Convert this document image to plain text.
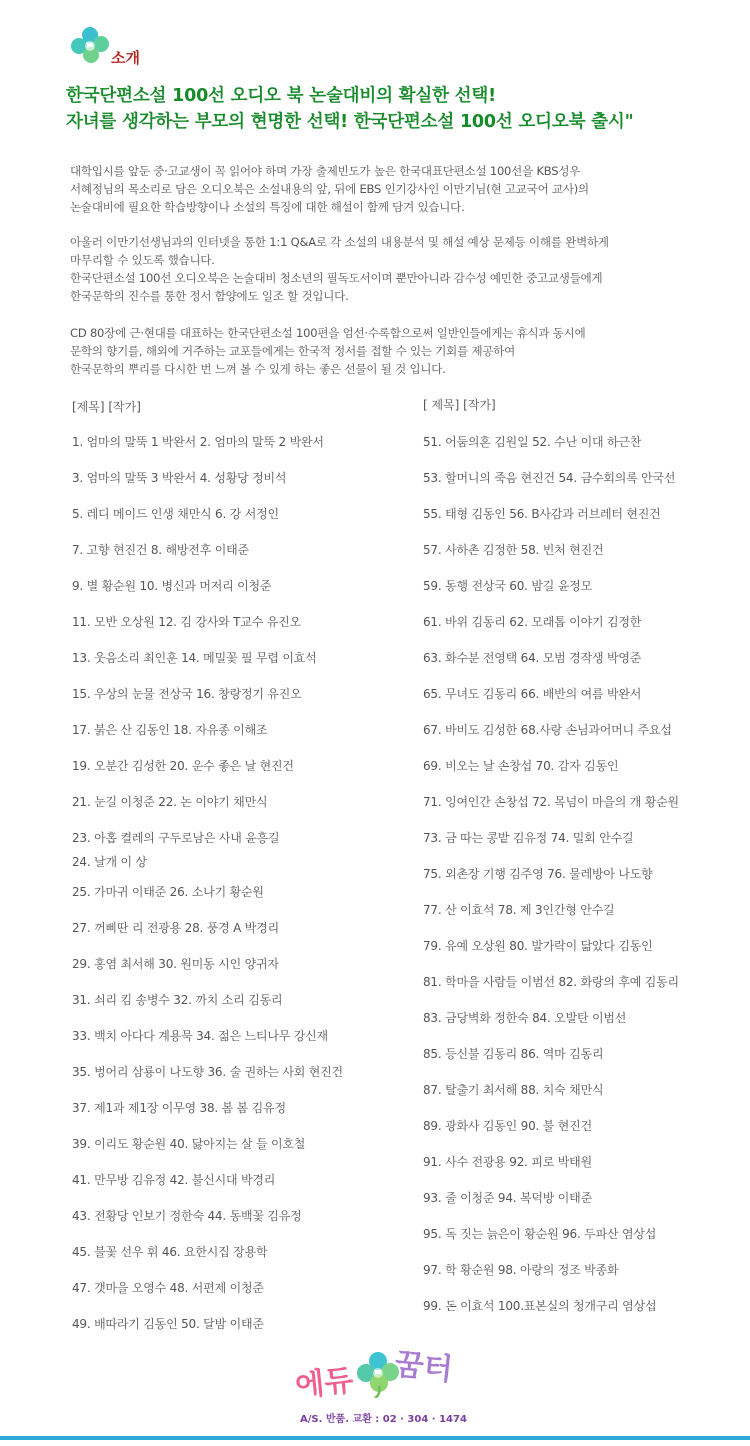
소개
한국단편소설 100선 오디오 북 논술대비의 확실한 선택!
자녀를 생각하는 부모의 현명한 선택! 한국단편소설 100선 오디오북 출시"
대학입시를 앞둔 중·고교생이 꼭 읽어야 하며 가장 출제빈도가 높은 한국대표단편소설 100선을 KBS성우
서혜정님의 목소리로 담은 오디오북은 소설내용의 앞, 뒤에 EBS 인기강사인 이만기님(현 고교국어 교사)의
논술대비에 필요한 학습방향이나 소설의 특징에 대한 해설이 함께 담겨 있습니다.
아울러 이만기선생님과의 인터넷을 통한 1:1 Q&A로 각 소설의 내용분석 및 해설 예상 문제등 이해를 완벽하게
마무리할 수 있도록 했습니다.
한국단편소설 100선 오디오북은 논술대비 청소년의 필독도서이며 뿐만아니라 감수성 예민한 중고교생들에게
한국문학의 진수를 통한 정서 함양에도 일조 할 것입니다.
CD 80장에 근·현대를 대표하는 한국단편소설 100편을 엄선·수록함으로써 일반인들에게는 휴식과 동시에
문학의 향기를, 해외에 거주하는 교포들에게는 한국적 정서를 접할 수 있는 기회를 제공하여
한국문학의 뿌리를 다시한 번 느껴 볼 수 있게 하는 좋은 선물이 될 것 입니다.
[제목] [작가]	[ 제목] [작가]
1. 엄마의 말뚝 1 박완서 2. 엄마의 말뚝 2 박완서
3. 엄마의 말뚝 3 박완서 4. 성황당 정비석
5. 레디 메이드 인생 채만식 6. 강 서정인
7. 고향 현진건 8. 해방전후 이태준
9. 별 황순원 10. 병신과 머저리 이청준
11. 모반 오상원 12. 김 강사와 T교수 유진오
13. 웃음소리 최인훈 14. 메밀꽃 필 무렵 이효석
15. 우상의 눈물 전상국 16. 창랑정기 유진오
17. 붉은 산 김동인 18. 자유종 이해조
19. 오분간 김성한 20. 운수 좋은 날 현진건
21. 눈길 이청준 22. 논 이야기 채만식
23. 아홉 켤레의 구두로남은 사내 윤흥길
24. 날개 이 상
25. 가마귀 이태준 26. 소나기 황순원
27. 꺼삐딴 리 전광용 28. 풍경 A 박경리
29. 홍염 최서해 30. 원미동 시인 양귀자
31. 쇠리 킴 송병수 32. 까치 소리 김동리
33. 백치 아다다 계용묵 34. 젊은 느티나무 강신재
35. 벙어리 삼룡이 나도향 36. 술 권하는 사회 현진건
37. 제1과 제1장 이무영 38. 봄 봄 김유정
39. 이리도 황순원 40. 닳아지는 살 들 이호철
41. 만무방 김유정 42. 불신시대 박경리
43. 전황당 인보기 정한숙 44. 동백꽃 김유정
45. 불꽃 선우 휘 46. 요한시집 장용학
47. 갯마을 오영수 48. 서편제 이청준
49. 배따라기 김동인 50. 달밤 이태준
51. 어둠의혼 김원일 52. 수난 이대 하근찬
53. 할머니의 죽음 현진건 54. 금수회의록 안국선
55. 태형 김동인 56. B사감과 러브레터 현진건
57. 사하촌 김정한 58. 빈처 현진건
59. 동행 전상국 60. 밤길 윤정모
61. 바위 김동리 62. 모래톱 이야기 김정한
63. 화수분 전영택 64. 모범 경작생 박영준
65. 무녀도 김동리 66. 배반의 여름 박완서
67. 바비도 김성한 68.사랑 손님과어머니 주요섭
69. 비오는 날 손창섭 70. 감자 김동인
71. 잉여인간 손창섭 72. 목넘이 마을의 개 황순원
73. 금 따는 콩밭 김유정 74. 밀회 안수길
75. 외촌장 기행 김주영 76. 물레방아 나도향
77. 산 이효석 78. 제 3인간형 안수길
79. 유예 오상원 80. 발가락이 닮았다 김동인
81. 학마을 사람들 이범선 82. 화랑의 후예 김동리
83. 금당벽화 정한숙 84. 오발탄 이범선
85. 등신불 김동리 86. 역마 김동리
87. 탈출기 최서해 88. 치숙 채만식
89. 광화사 김동인 90. 불 현진건
91. 사수 전광용 92. 피로 박태원
93. 줄 이청준 94. 복덕방 이태준
95. 독 짓는 늙은이 황순원 96. 두파산 염상섭
97. 학 황순원 98. 아랑의 정조 박종화
99. 돈 이효석 100.표본실의 청개구리 염상섭
에듀 꿈터
A/S. 반품. 교환 : 02 · 304 · 1474
